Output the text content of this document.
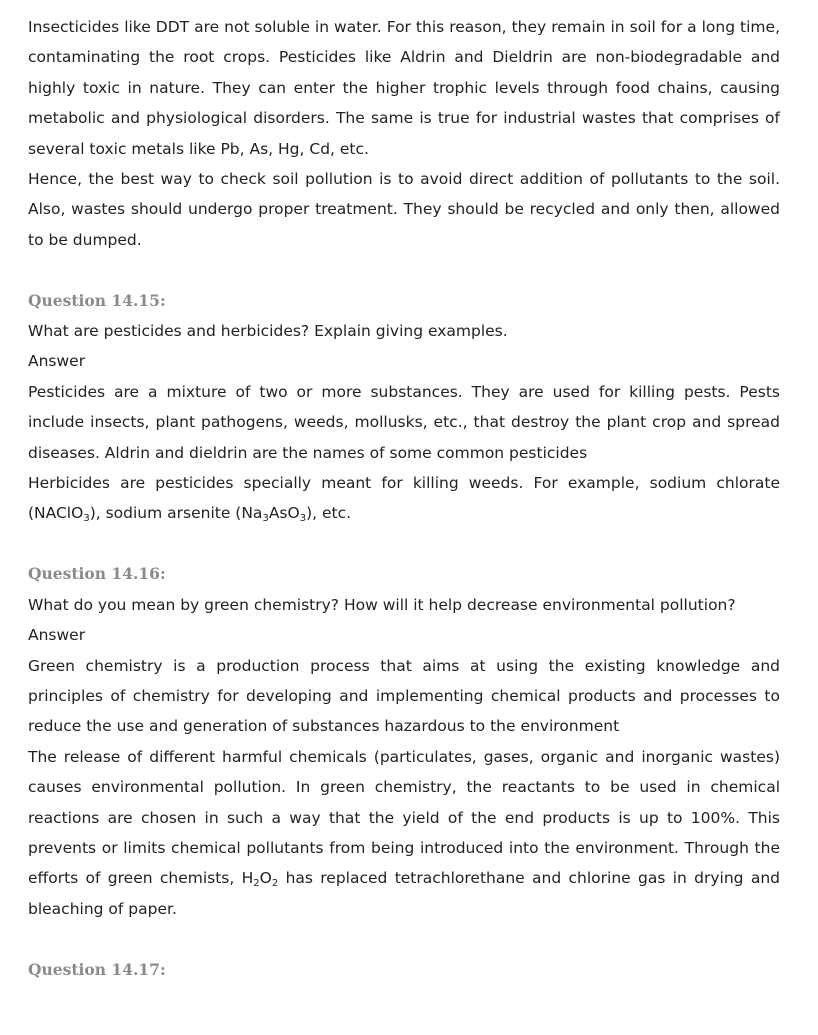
Insecticides like DDT are not soluble in water. For this reason, they remain in soil for a long time, contaminating the root crops. Pesticides like Aldrin and Dieldrin are non-biodegradable and highly toxic in nature. They can enter the higher trophic levels through food chains, causing metabolic and physiological disorders. The same is true for industrial wastes that comprises of several toxic metals like Pb, As, Hg, Cd, etc.

Hence, the best way to check soil pollution is to avoid direct addition of pollutants to the soil. Also, wastes should undergo proper treatment. They should be recycled and only then, allowed to be dumped.

Question 14.15:

What are pesticides and herbicides? Explain giving examples.

Answer

Pesticides are a mixture of two or more substances. They are used for killing pests. Pests include insects, plant pathogens, weeds, mollusks, etc., that destroy the plant crop and spread diseases. Aldrin and dieldrin are the names of some common pesticides

Herbicides are pesticides specially meant for killing weeds. For example, sodium chlorate (NAClO$_3$), sodium arsenite $(Na_3AsO_3)$, etc.

Question 14.16:

What do you mean by green chemistry? How will it help decrease environmental pollution?

Answer

Green chemistry is a production process that aims at using the existing knowledge and principles of chemistry for developing and implementing chemical products and processes to reduce the use and generation of substances hazardous to the environment

The release of different harmful chemicals (particulates, gases, organic and inorganic wastes) causes environmental pollution. In green chemistry, the reactants to be used in chemical reactions are chosen in such a way that the yield of the end products is up to 100%. This prevents or limits chemical pollutants from being introduced into the environment. Through the efforts of green chemists, $H_2O_2$ has replaced tetrachlorethane and chlorine gas in drying and bleaching of paper.

Question 14.17:
